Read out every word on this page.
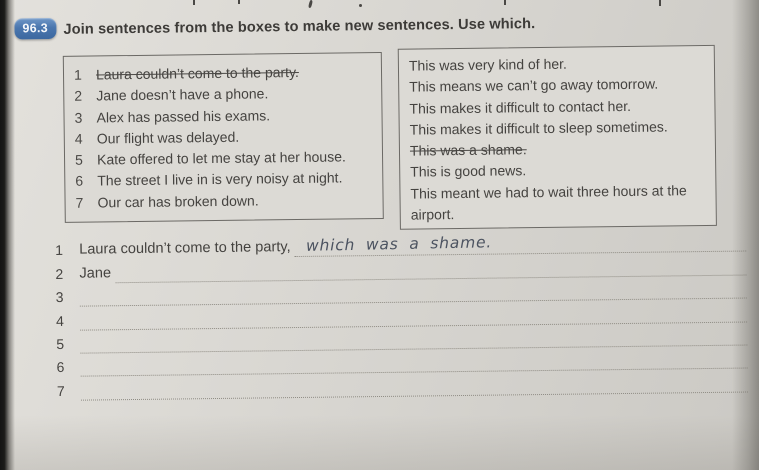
96.3	Join sentences from the boxes to make new sentences. Use which.
1	Laura couldn’t come to the party.
2	Jane doesn’t have a phone.
3	Alex has passed his exams.
4	Our flight was delayed.
5	Kate offered to let me stay at her house.
6	The street I live in is very noisy at night.
7	Our car has broken down.
This was very kind of her.
This means we can’t go away tomorrow.
This makes it difficult to contact her.
This makes it difficult to sleep sometimes.
This was a shame.
This is good news.
This meant we had to wait three hours at the airport.
1	Laura couldn’t come to the party,	which was a shame.
2	Jane
3
4
5
6
7
